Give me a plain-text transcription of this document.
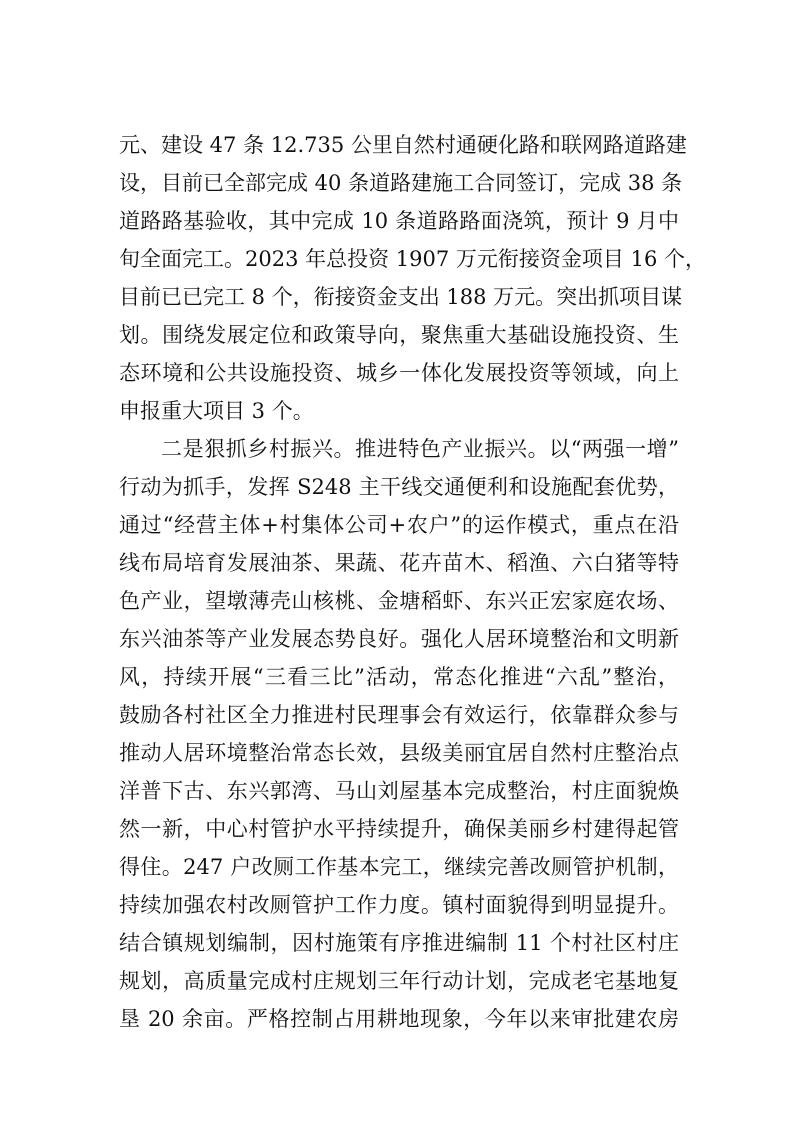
元、建设 47 条 12.735 公里自然村通硬化路和联网路道路建
设，目前已全部完成 40 条道路建施工合同签订，完成 38 条
道路路基验收，其中完成 10 条道路路面浇筑，预计 9 月中
旬全面完工。2023 年总投资 1907 万元衔接资金项目 16 个，
目前已已完工 8 个，衔接资金支出 188 万元。突出抓项目谋
划。围绕发展定位和政策导向，聚焦重大基础设施投资、生
态环境和公共设施投资、城乡一体化发展投资等领域，向上
申报重大项目 3 个。
二是狠抓乡村振兴。推进特色产业振兴。以“两强一增”
行动为抓手，发挥 S248 主干线交通便利和设施配套优势，
通过“经营主体+村集体公司+农户”的运作模式，重点在沿
线布局培育发展油茶、果蔬、花卉苗木、稻渔、六白猪等特
色产业，望墩薄壳山核桃、金塘稻虾、东兴正宏家庭农场、
东兴油茶等产业发展态势良好。强化人居环境整治和文明新
风，持续开展“三看三比”活动，常态化推进“六乱”整治，
鼓励各村社区全力推进村民理事会有效运行，依靠群众参与
推动人居环境整治常态长效，县级美丽宜居自然村庄整治点
洋普下古、东兴郭湾、马山刘屋基本完成整治，村庄面貌焕
然一新，中心村管护水平持续提升，确保美丽乡村建得起管
得住。247 户改厕工作基本完工，继续完善改厕管护机制，
持续加强农村改厕管护工作力度。镇村面貌得到明显提升。
结合镇规划编制，因村施策有序推进编制 11 个村社区村庄
规划，高质量完成村庄规划三年行动计划，完成老宅基地复
垦 20 余亩。严格控制占用耕地现象，今年以来审批建农房
